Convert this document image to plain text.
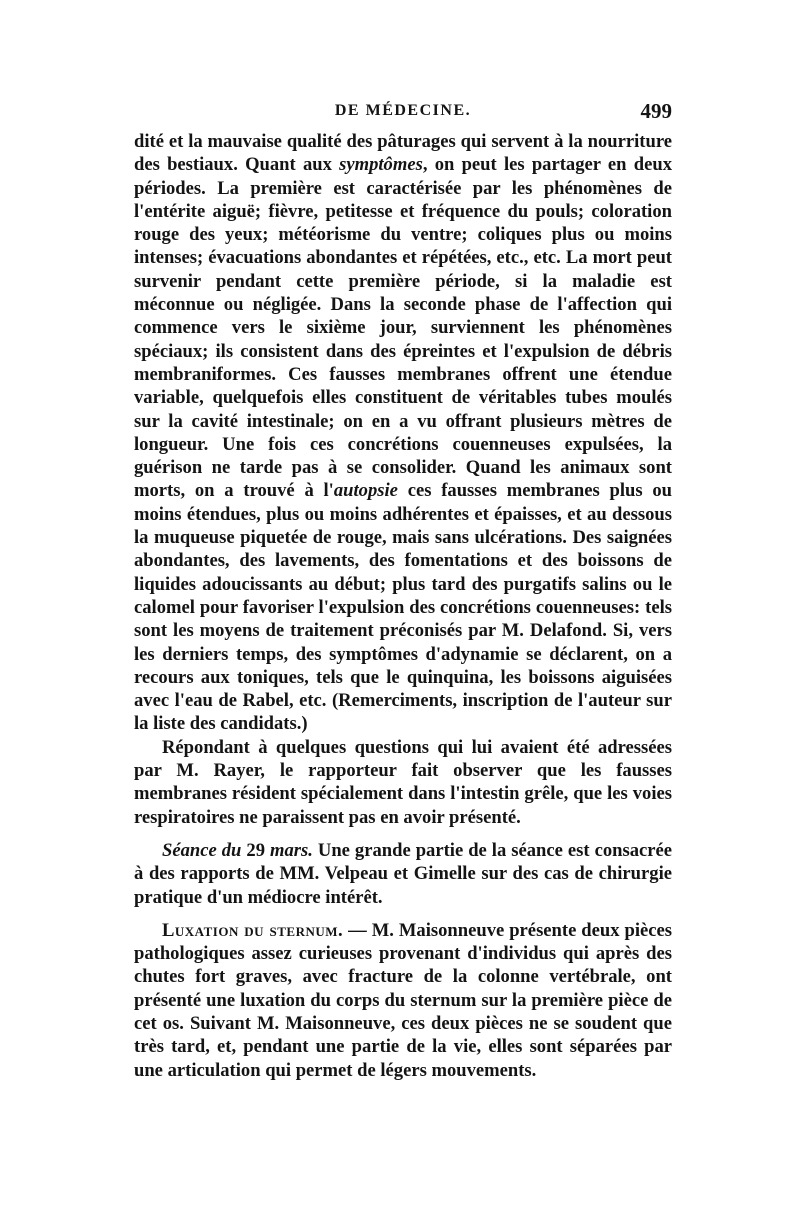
DE MÉDECINE.	499

dité et la mauvaise qualité des pâturages qui servent à la nourriture des bestiaux. Quant aux symptômes, on peut les partager en deux périodes. La première est caractérisée par les phénomènes de l'entérite aiguë; fièvre, petitesse et fréquence du pouls; coloration rouge des yeux; météorisme du ventre; coliques plus ou moins intenses; évacuations abondantes et répétées, etc., etc. La mort peut survenir pendant cette première période, si la maladie est méconnue ou négligée. Dans la seconde phase de l'affection qui commence vers le sixième jour, surviennent les phénomènes spéciaux; ils consistent dans des épreintes et l'expulsion de débris membraniformes. Ces fausses membranes offrent une étendue variable, quelquefois elles constituent de véritables tubes moulés sur la cavité intestinale; on en a vu offrant plusieurs mètres de longueur. Une fois ces concrétions couenneuses expulsées, la guérison ne tarde pas à se consolider. Quand les animaux sont morts, on a trouvé à l'autopsie ces fausses membranes plus ou moins étendues, plus ou moins adhérentes et épaisses, et au dessous la muqueuse piquetée de rouge, mais sans ulcérations. Des saignées abondantes, des lavements, des fomentations et des boissons de liquides adoucissants au début; plus tard des purgatifs salins ou le calomel pour favoriser l'expulsion des concrétions couenneuses: tels sont les moyens de traitement préconisés par M. Delafond. Si, vers les derniers temps, des symptômes d'adynamie se déclarent, on a recours aux toniques, tels que le quinquina, les boissons aiguisées avec l'eau de Rabel, etc. (Remerciments, inscription de l'auteur sur la liste des candidats.)

Répondant à quelques questions qui lui avaient été adressées par M. Rayer, le rapporteur fait observer que les fausses membranes résident spécialement dans l'intestin grêle, que les voies respiratoires ne paraissent pas en avoir présenté.

Séance du 29 mars. Une grande partie de la séance est consacrée à des rapports de MM. Velpeau et Gimelle sur des cas de chirurgie pratique d'un médiocre intérêt.

Luxation du sternum. — M. Maisonneuve présente deux pièces pathologiques assez curieuses provenant d'individus qui après des chutes fort graves, avec fracture de la colonne vertébrale, ont présenté une luxation du corps du sternum sur la première pièce de cet os. Suivant M. Maisonneuve, ces deux pièces ne se soudent que très tard, et, pendant une partie de la vie, elles sont séparées par une articulation qui permet de légers mouvements.
